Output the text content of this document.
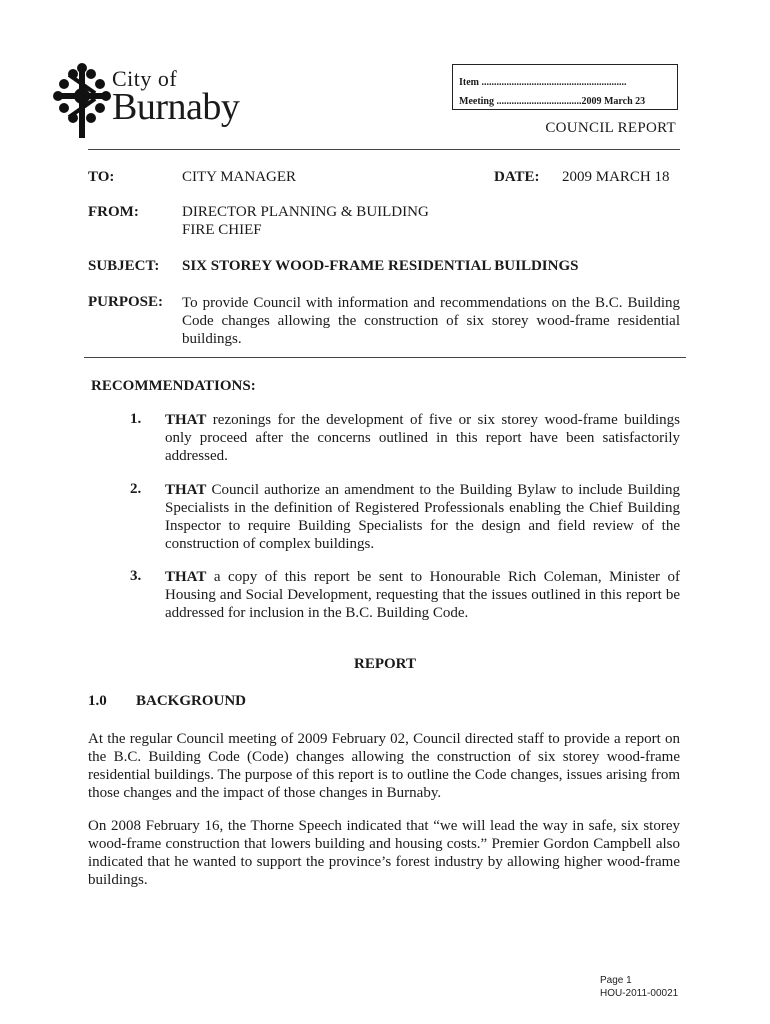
City of
Burnaby
Item ..........................................................
Meeting ..................................2009 March 23
COUNCIL REPORT
TO:	CITY MANAGER	DATE: 2009 MARCH 18
FROM:	DIRECTOR PLANNING & BUILDING
FIRE CHIEF
SUBJECT: SIX STOREY WOOD-FRAME RESIDENTIAL BUILDINGS
PURPOSE: To provide Council with information and recommendations on the B.C. Building Code changes allowing the construction of six storey wood-frame residential buildings.
RECOMMENDATIONS:
1. THAT rezonings for the development of five or six storey wood-frame buildings only proceed after the concerns outlined in this report have been satisfactorily addressed.
2. THAT Council authorize an amendment to the Building Bylaw to include Building Specialists in the definition of Registered Professionals enabling the Chief Building Inspector to require Building Specialists for the design and field review of the construction of complex buildings.
3. THAT a copy of this report be sent to Honourable Rich Coleman, Minister of Housing and Social Development, requesting that the issues outlined in this report be addressed for inclusion in the B.C. Building Code.
REPORT
1.0 BACKGROUND
At the regular Council meeting of 2009 February 02, Council directed staff to provide a report on the B.C. Building Code (Code) changes allowing the construction of six storey wood-frame residential buildings. The purpose of this report is to outline the Code changes, issues arising from those changes and the impact of those changes in Burnaby.
On 2008 February 16, the Thorne Speech indicated that “we will lead the way in safe, six storey wood-frame construction that lowers building and housing costs.” Premier Gordon Campbell also indicated that he wanted to support the province’s forest industry by allowing higher wood-frame buildings.
Page 1
HOU-2011-00021
